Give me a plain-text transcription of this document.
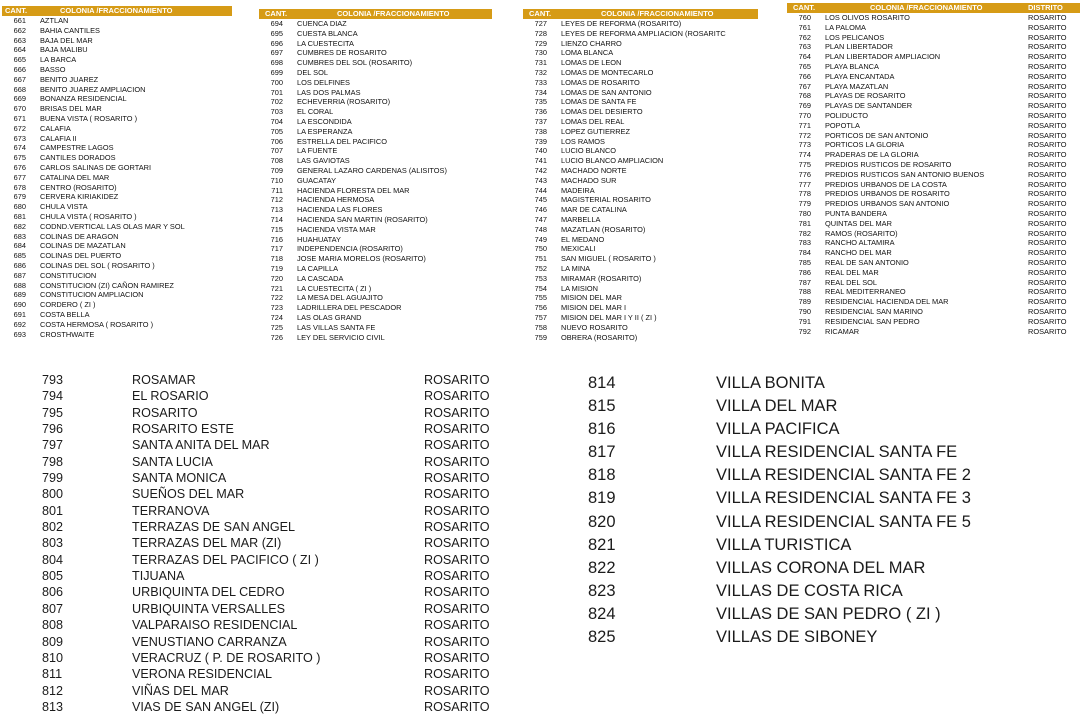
CANT.	COLONIA /FRACCIONAMIENTO
661	AZTLAN
662	BAHIA CANTILES
663	BAJA DEL MAR
664	BAJA MALIBU
665	LA BARCA
666	BASSO
667	BENITO JUAREZ
668	BENITO JUAREZ AMPLIACION
669	BONANZA RESIDENCIAL
670	BRISAS DEL MAR
671	BUENA VISTA ( ROSARITO )
672	CALAFIA
673	CALAFIA II
674	CAMPESTRE LAGOS
675	CANTILES DORADOS
676	CARLOS SALINAS DE GORTARI
677	CATALINA DEL MAR
678	CENTRO (ROSARITO)
679	CERVERA KIRIAKIDEZ
680	CHULA VISTA
681	CHULA VISTA ( ROSARITO )
682	CODND.VERTICAL LAS OLAS MAR Y SOL
683	COLINAS DE ARAGON
684	COLINAS DE MAZATLAN
685	COLINAS DEL PUERTO
686	COLINAS DEL SOL ( ROSARITO )
687	CONSTITUCION
688	CONSTITUCION (ZI) CAÑON RAMIREZ
689	CONSTITUCION AMPLIACION
690	CORDERO ( ZI )
691	COSTA BELLA
692	COSTA HERMOSA ( ROSARITO )
693	CROSTHWAITE
CANT.	COLONIA /FRACCIONAMIENTO
694	CUENCA DIAZ
695	CUESTA BLANCA
696	LA CUESTECITA
697	CUMBRES DE ROSARITO
698	CUMBRES DEL SOL (ROSARITO)
699	DEL SOL
700	LOS DELFINES
701	LAS DOS PALMAS
702	ECHEVERRIA (ROSARITO)
703	EL CORAL
704	LA ESCONDIDA
705	LA ESPERANZA
706	ESTRELLA DEL PACIFICO
707	LA FUENTE
708	LAS GAVIOTAS
709	GENERAL LAZARO CARDENAS (ALISITOS)
710	GUACATAY
711	HACIENDA FLORESTA DEL MAR
712	HACIENDA HERMOSA
713	HACIENDA LAS FLORES
714	HACIENDA SAN MARTIN (ROSARITO)
715	HACIENDA VISTA MAR
716	HUAHUATAY
717	INDEPENDENCIA (ROSARITO)
718	JOSE MARIA MORELOS (ROSARITO)
719	LA CAPILLA
720	LA CASCADA
721	LA CUESTECITA ( ZI )
722	LA MESA DEL AGUAJITO
723	LADRILLERA DEL PESCADOR
724	LAS OLAS GRAND
725	LAS VILLAS SANTA FE
726	LEY DEL SERVICIO CIVIL
CANT.	COLONIA /FRACCIONAMIENTO
727	LEYES DE REFORMA (ROSARITO)
728	LEYES DE REFORMA AMPLIACION (ROSARITC
729	LIENZO CHARRO
730	LOMA BLANCA
731	LOMAS DE LEON
732	LOMAS DE MONTECARLO
733	LOMAS DE ROSARITO
734	LOMAS DE SAN ANTONIO
735	LOMAS DE SANTA FE
736	LOMAS DEL DESIERTO
737	LOMAS DEL REAL
738	LOPEZ GUTIERREZ
739	LOS RAMOS
740	LUCIO BLANCO
741	LUCIO BLANCO AMPLIACION
742	MACHADO NORTE
743	MACHADO SUR
744	MADEIRA
745	MAGISTERIAL ROSARITO
746	MAR DE CATALINA
747	MARBELLA
748	MAZATLAN (ROSARITO)
749	EL MEDANO
750	MEXICALI
751	SAN MIGUEL ( ROSARITO )
752	LA MINA
753	MIRAMAR (ROSARITO)
754	LA MISION
755	MISION DEL MAR
756	MISION DEL MAR I
757	MISION DEL MAR I Y II ( ZI )
758	NUEVO ROSARITO
759	OBRERA (ROSARITO)
CANT.	COLONIA /FRACCIONAMIENTO	DISTRITO
760	LOS OLIVOS ROSARITO	ROSARITO
761	LA PALOMA	ROSARITO
762	LOS PELICANOS	ROSARITO
763	PLAN LIBERTADOR	ROSARITO
764	PLAN LIBERTADOR AMPLIACION	ROSARITO
765	PLAYA BLANCA	ROSARITO
766	PLAYA ENCANTADA	ROSARITO
767	PLAYA MAZATLAN	ROSARITO
768	PLAYAS DE ROSARITO	ROSARITO
769	PLAYAS DE SANTANDER	ROSARITO
770	POLIDUCTO	ROSARITO
771	POPOTLA	ROSARITO
772	PORTICOS DE SAN ANTONIO	ROSARITO
773	PORTICOS LA GLORIA	ROSARITO
774	PRADERAS DE LA GLORIA	ROSARITO
775	PREDIOS RUSTICOS DE ROSARITO	ROSARITO
776	PREDIOS RUSTICOS SAN ANTONIO BUENOS	ROSARITO
777	PREDIOS URBANOS DE LA COSTA	ROSARITO
778	PREDIOS URBANOS DE ROSARITO	ROSARITO
779	PREDIOS URBANOS SAN ANTONIO	ROSARITO
780	PUNTA BANDERA	ROSARITO
781	QUINTAS DEL MAR	ROSARITO
782	RAMOS (ROSARITO)	ROSARITO
783	RANCHO ALTAMIRA	ROSARITO
784	RANCHO DEL MAR	ROSARITO
785	REAL DE SAN ANTONIO	ROSARITO
786	REAL DEL MAR	ROSARITO
787	REAL DEL SOL	ROSARITO
788	REAL MEDITERRANEO	ROSARITO
789	RESIDENCIAL HACIENDA DEL MAR	ROSARITO
790	RESIDENCIAL SAN MARINO	ROSARITO
791	RESIDENCIAL SAN PEDRO	ROSARITO
792	RICAMAR	ROSARITO
793	ROSAMAR	ROSARITO
794	EL ROSARIO	ROSARITO
795	ROSARITO	ROSARITO
796	ROSARITO ESTE	ROSARITO
797	SANTA ANITA DEL MAR	ROSARITO
798	SANTA LUCIA	ROSARITO
799	SANTA MONICA	ROSARITO
800	SUEÑOS DEL MAR	ROSARITO
801	TERRANOVA	ROSARITO
802	TERRAZAS DE SAN ANGEL	ROSARITO
803	TERRAZAS DEL MAR (ZI)	ROSARITO
804	TERRAZAS DEL PACIFICO ( ZI )	ROSARITO
805	TIJUANA	ROSARITO
806	URBIQUINTA DEL CEDRO	ROSARITO
807	URBIQUINTA VERSALLES	ROSARITO
808	VALPARAISO RESIDENCIAL	ROSARITO
809	VENUSTIANO CARRANZA	ROSARITO
810	VERACRUZ ( P. DE ROSARITO )	ROSARITO
811	VERONA RESIDENCIAL	ROSARITO
812	VIÑAS DEL MAR	ROSARITO
813	VIAS DE SAN ANGEL (ZI)	ROSARITO
814	VILLA BONITA
815	VILLA DEL MAR
816	VILLA PACIFICA
817	VILLA RESIDENCIAL SANTA FE
818	VILLA RESIDENCIAL SANTA FE 2
819	VILLA RESIDENCIAL SANTA FE 3
820	VILLA RESIDENCIAL SANTA FE 5
821	VILLA TURISTICA
822	VILLAS CORONA DEL MAR
823	VILLAS DE COSTA RICA
824	VILLAS DE SAN PEDRO ( ZI )
825	VILLAS DE SIBONEY
